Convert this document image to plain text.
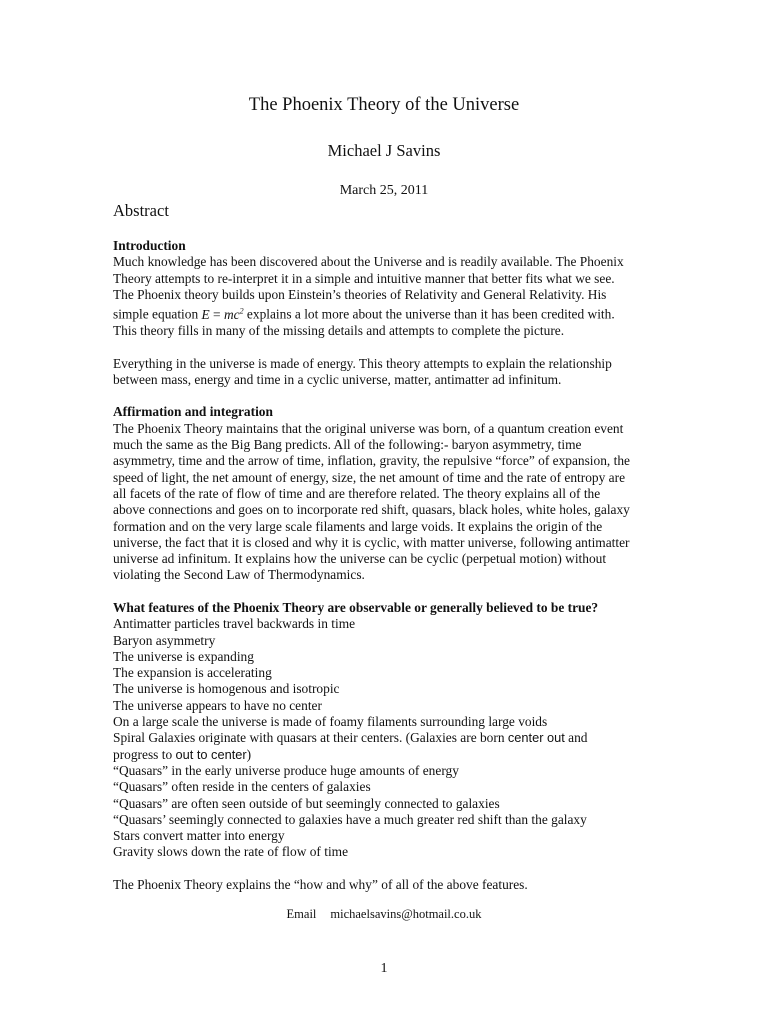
The Phoenix Theory of the Universe
Michael J Savins
March 25, 2011
Abstract

Introduction

Much knowledge has been discovered about the Universe and is readily available. The Phoenix

Theory attempts to re-interpret it in a simple and intuitive manner that better fits what we see.

The Phoenix theory builds upon Einstein’s theories of Relativity and General Relativity. His

simple equation $E = mc^2$ explains a lot more about the universe than it has been credited with.

This theory fills in many of the missing details and attempts to complete the picture.

Everything in the universe is made of energy. This theory attempts to explain the relationship

between mass, energy and time in a cyclic universe, matter, antimatter ad infinitum.

Affirmation and integration

The Phoenix Theory maintains that the original universe was born, of a quantum creation event

much the same as the Big Bang predicts. All of the following:- baryon asymmetry, time

asymmetry, time and the arrow of time, inflation, gravity, the repulsive “force” of expansion, the

speed of light, the net amount of energy, size, the net amount of time and the rate of entropy are

all facets of the rate of flow of time and are therefore related. The theory explains all of the

above connections and goes on to incorporate red shift, quasars, black holes, white holes, galaxy

formation and on the very large scale filaments and large voids. It explains the origin of the

universe, the fact that it is closed and why it is cyclic, with matter universe, following antimatter

universe ad infinitum. It explains how the universe can be cyclic (perpetual motion) without

violating the Second Law of Thermodynamics.

What features of the Phoenix Theory are observable or generally believed to be true?

Antimatter particles travel backwards in time

Baryon asymmetry

The universe is expanding

The expansion is accelerating

The universe is homogenous and isotropic

The universe appears to have no center

On a large scale the universe is made of foamy filaments surrounding large voids

Spiral Galaxies originate with quasars at their centers. (Galaxies are born center out and

progress to out to center)

“Quasars” in the early universe produce huge amounts of energy

“Quasars” often reside in the centers of galaxies

“Quasars” are often seen outside of but seemingly connected to galaxies

“Quasars’ seemingly connected to galaxies have a much greater red shift than the galaxy

Stars convert matter into energy

Gravity slows down the rate of flow of time

The Phoenix Theory explains the “how and why” of all of the above features.

Email michaelsavins@hotmail.co.uk
1
